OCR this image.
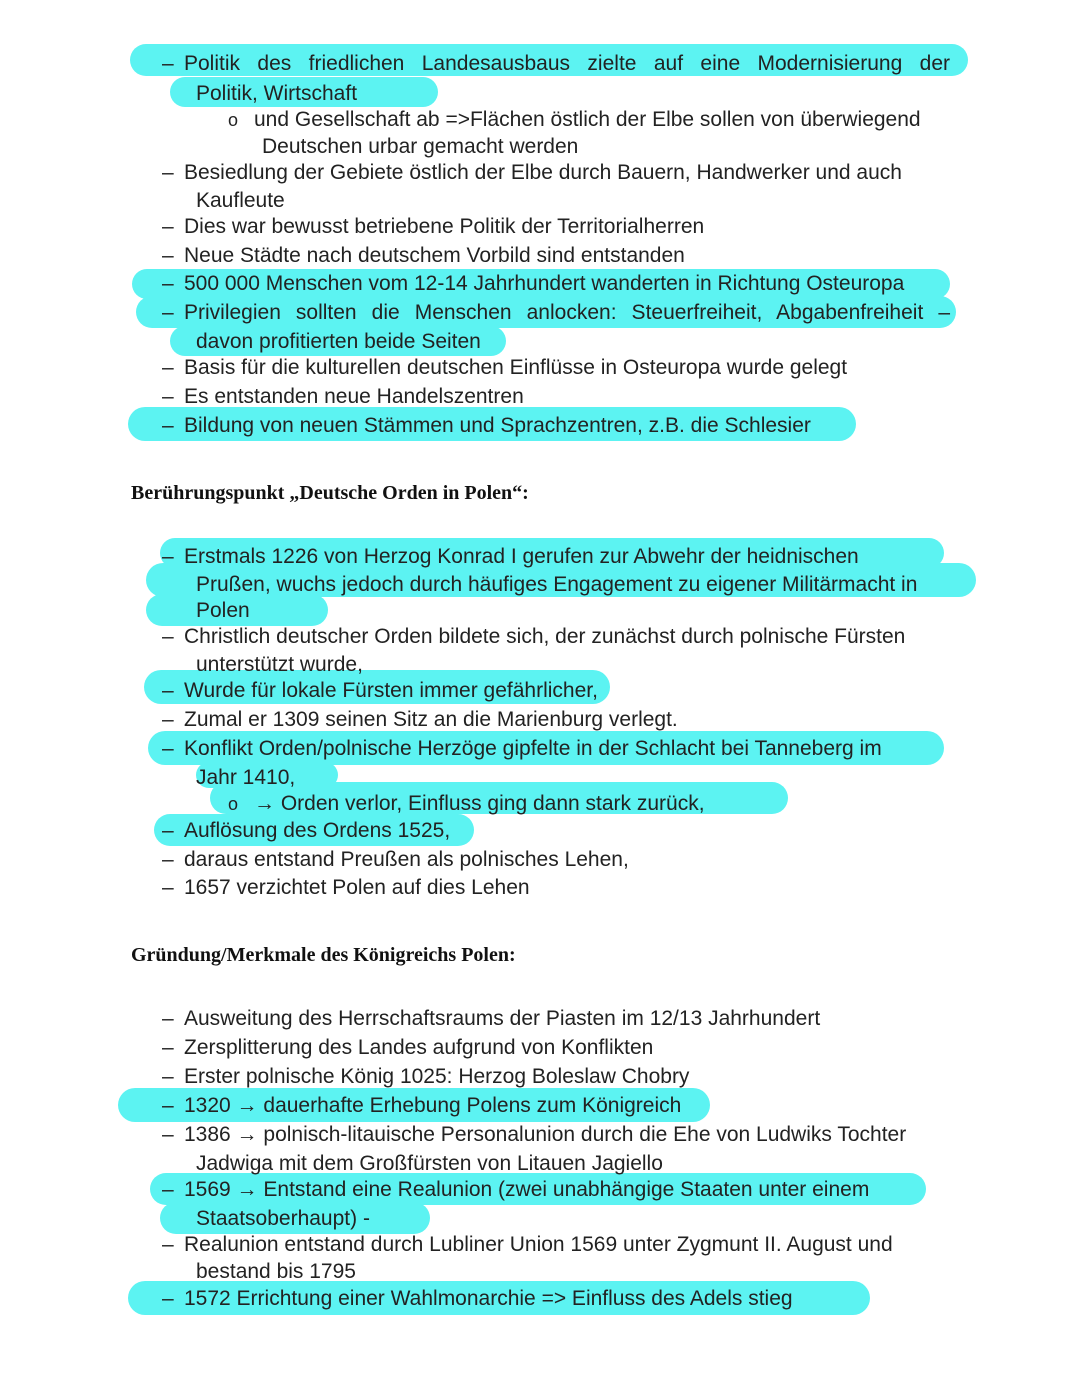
– Politik des friedlichen Landesausbaus zielte auf eine Modernisierung der
Politik, Wirtschaft
o und Gesellschaft ab =>Flächen östlich der Elbe sollen von überwiegend
Deutschen urbar gemacht werden
– Besiedlung der Gebiete östlich der Elbe durch Bauern, Handwerker und auch
Kaufleute
– Dies war bewusst betriebene Politik der Territorialherren
– Neue Städte nach deutschem Vorbild sind entstanden
– 500 000 Menschen vom 12-14 Jahrhundert wanderten in Richtung Osteuropa
– Privilegien sollten die Menschen anlocken: Steuerfreiheit, Abgabenfreiheit –
davon profitierten beide Seiten
– Basis für die kulturellen deutschen Einflüsse in Osteuropa wurde gelegt
– Es entstanden neue Handelszentren
– Bildung von neuen Stämmen und Sprachzentren, z.B. die Schlesier
Berührungspunkt „Deutsche Orden in Polen“:
– Erstmals 1226 von Herzog Konrad I gerufen zur Abwehr der heidnischen
Prußen, wuchs jedoch durch häufiges Engagement zu eigener Militärmacht in
Polen
– Christlich deutscher Orden bildete sich, der zunächst durch polnische Fürsten
unterstützt wurde,
– Wurde für lokale Fürsten immer gefährlicher,
– Zumal er 1309 seinen Sitz an die Marienburg verlegt.
– Konflikt Orden/polnische Herzöge gipfelte in der Schlacht bei Tanneberg im
Jahr 1410,
o → Orden verlor, Einfluss ging dann stark zurück,
– Auflösung des Ordens 1525,
– daraus entstand Preußen als polnisches Lehen,
– 1657 verzichtet Polen auf dies Lehen
Gründung/Merkmale des Königreichs Polen:
– Ausweitung des Herrschaftsraums der Piasten im 12/13 Jahrhundert
– Zersplitterung des Landes aufgrund von Konflikten
– Erster polnische König 1025: Herzog Boleslaw Chobry
– 1320 → dauerhafte Erhebung Polens zum Königreich
– 1386 → polnisch-litauische Personalunion durch die Ehe von Ludwiks Tochter
Jadwiga mit dem Großfürsten von Litauen Jagiello
– 1569 → Entstand eine Realunion (zwei unabhängige Staaten unter einem
Staatsoberhaupt) -
– Realunion entstand durch Lubliner Union 1569 unter Zygmunt II. August und
bestand bis 1795
– 1572 Errichtung einer Wahlmonarchie => Einfluss des Adels stieg
